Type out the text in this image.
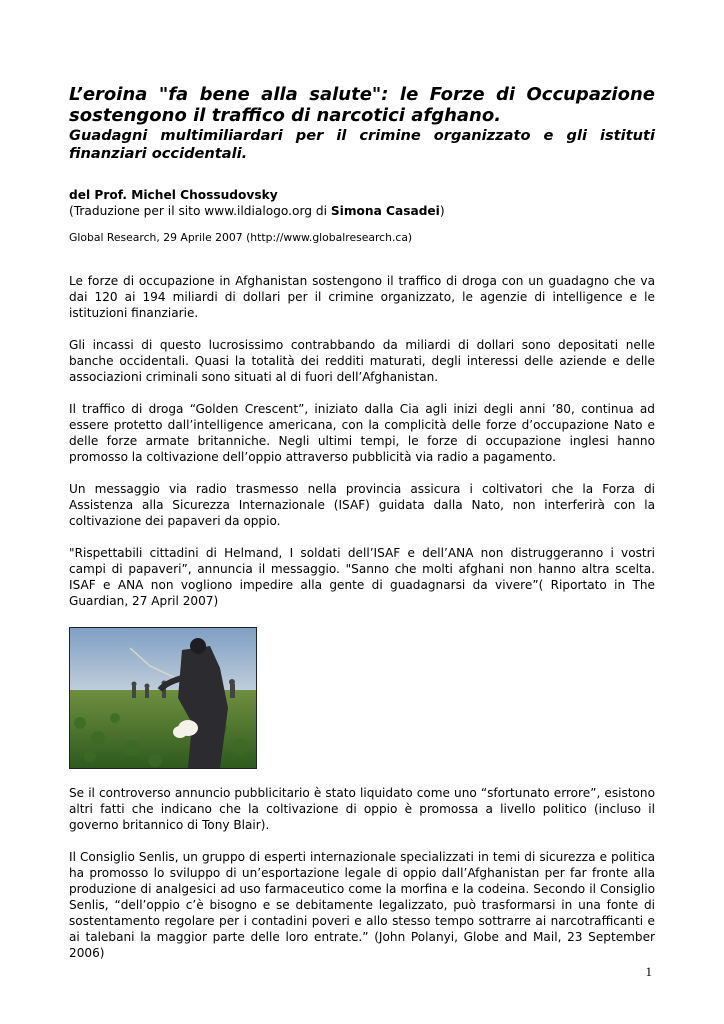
L’eroina "fa bene alla salute": le Forze di Occupazione sostengono il traffico di narcotici afghano.
Guadagni multimiliardari per il crimine organizzato e gli istituti finanziari occidentali.

del Prof. Michel Chossudovsky

(Traduzione per il sito www.ildialogo.org di Simona Casadei)

Global Research, 29 Aprile 2007 (http://www.globalresearch.ca)

Le forze di occupazione in Afghanistan sostengono il traffico di droga con un guadagno che va dai 120 ai 194 miliardi di dollari per il crimine organizzato, le agenzie di intelligence e le istituzioni finanziarie.

Gli incassi di questo lucrosissimo contrabbando da miliardi di dollari sono depositati nelle banche occidentali. Quasi la totalità dei redditi maturati, degli interessi delle aziende e delle associazioni criminali sono situati al di fuori dell’Afghanistan.

Il traffico di droga “Golden Crescent”, iniziato dalla Cia agli inizi degli anni ’80, continua ad essere protetto dall’intelligence americana, con la complicità delle forze d’occupazione Nato e delle forze armate britanniche. Negli ultimi tempi, le forze di occupazione inglesi hanno promosso la coltivazione dell’oppio attraverso pubblicità via radio a pagamento.

Un messaggio via radio trasmesso nella provincia assicura i coltivatori che la Forza di Assistenza alla Sicurezza Internazionale (ISAF) guidata dalla Nato, non interferirà con la coltivazione dei papaveri da oppio.

"Rispettabili cittadini di Helmand, I soldati dell’ISAF e dell’ANA non distruggeranno i vostri campi di papaveri”, annuncia il messaggio. "Sanno che molti afghani non hanno altra scelta. ISAF e ANA non vogliono impedire alla gente di guadagnarsi da vivere”( Riportato in The Guardian, 27 April 2007)

Se il controverso annuncio pubblicitario è stato liquidato come uno “sfortunato errore”, esistono altri fatti che indicano che la coltivazione di oppio è promossa a livello politico (incluso il governo britannico di Tony Blair).

Il Consiglio Senlis, un gruppo di esperti internazionale specializzati in temi di sicurezza e politica ha promosso lo sviluppo di un’esportazione legale di oppio dall’Afghanistan per far fronte alla produzione di analgesici ad uso farmaceutico come la morfina e la codeina. Secondo il Consiglio Senlis, “dell’oppio c’è bisogno e se debitamente legalizzato, può trasformarsi in una fonte di sostentamento regolare per i contadini poveri e allo stesso tempo sottrarre ai narcotrafficanti e ai talebani la maggior parte delle loro entrate.” (John Polanyi, Globe and Mail, 23 September 2006)

1
